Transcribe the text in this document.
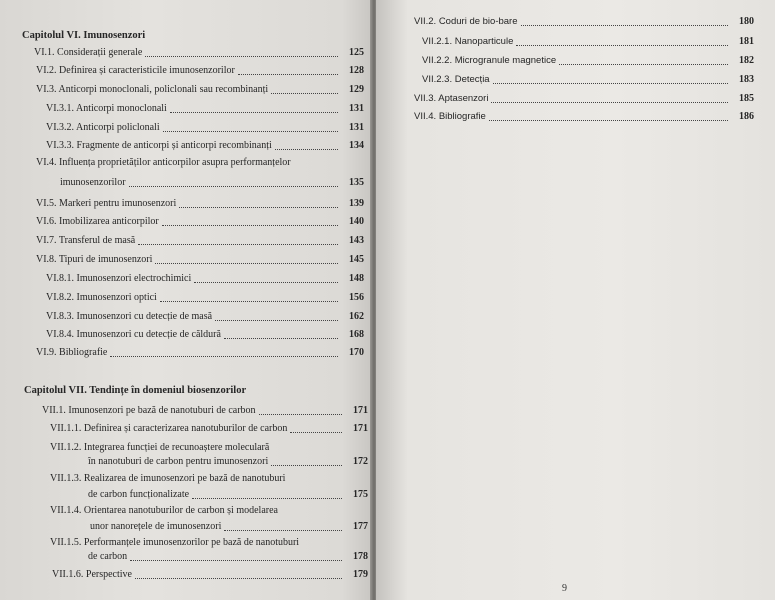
Capitolul VI. Imunosenzori
VI.1. Considerații generale	125
VI.2. Definirea și caracteristicile imunosenzorilor	128
VI.3. Anticorpi monoclonali, policlonali sau recombinanți	129
VI.3.1. Anticorpi monoclonali	131
VI.3.2. Anticorpi policlonali	131
VI.3.3. Fragmente de anticorpi și anticorpi recombinanți	134
VI.4. Influența proprietăților anticorpilor asupra performanțelor
imunosenzorilor	135
VI.5. Markeri pentru imunosenzori	139
VI.6. Imobilizarea anticorpilor	140
VI.7. Transferul de masă	143
VI.8. Tipuri de imunosenzori	145
VI.8.1. Imunosenzori electrochimici	148
VI.8.2. Imunosenzori optici	156
VI.8.3. Imunosenzori cu detecție de masă	162
VI.8.4. Imunosenzori cu detecție de căldură	168
VI.9. Bibliografie	170
Capitolul VII. Tendințe în domeniul biosenzorilor
VII.1. Imunosenzori pe bază de nanotuburi de carbon	171
VII.1.1. Definirea și caracterizarea nanotuburilor de carbon	171
VII.1.2. Integrarea funcției de recunoaștere moleculară
în nanotuburi de carbon pentru imunosenzori	172
VII.1.3. Realizarea de imunosenzori pe bază de nanotuburi
de carbon funcționalizate	175
VII.1.4. Orientarea nanotuburilor de carbon și modelarea
unor nanorețele de imunosenzori	177
VII.1.5. Performanțele imunosenzorilor pe bază de nanotuburi
de carbon	178
VII.1.6. Perspective	179
VII.2. Coduri de bio-bare	180
VII.2.1. Nanoparticule	181
VII.2.2. Microgranule magnetice	182
VII.2.3. Detecția	183
VII.3. Aptasenzori	185
VII.4. Bibliografie	186
9
